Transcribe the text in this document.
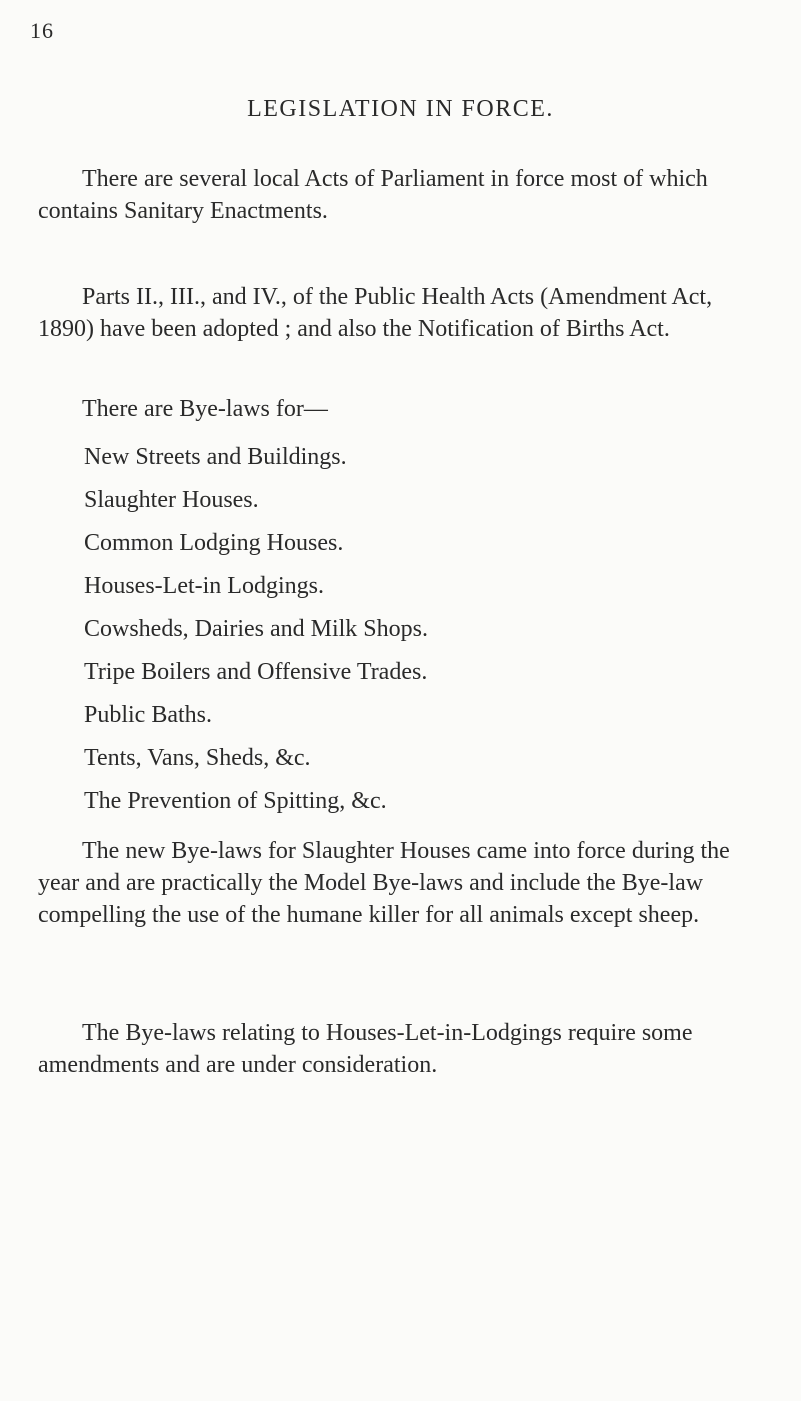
16
LEGISLATION IN FORCE.

There are several local Acts of Parliament in force most of which contains Sanitary Enactments.

Parts II., III., and IV., of the Public Health Acts (Amendment Act, 1890) have been adopted ; and also the Notification of Births Act.

There are Bye-laws for—

New Streets and Buildings.
Slaughter Houses.
Common Lodging Houses.
Houses-Let-in Lodgings.
Cowsheds, Dairies and Milk Shops.
Tripe Boilers and Offensive Trades.
Public Baths.
Tents, Vans, Sheds, &c.
The Prevention of Spitting, &c.

The new Bye-laws for Slaughter Houses came into force during the year and are practically the Model Bye-laws and include the Bye-law compelling the use of the humane killer for all animals except sheep.

The Bye-laws relating to Houses-Let-in-Lodgings require some amendments and are under consideration.
